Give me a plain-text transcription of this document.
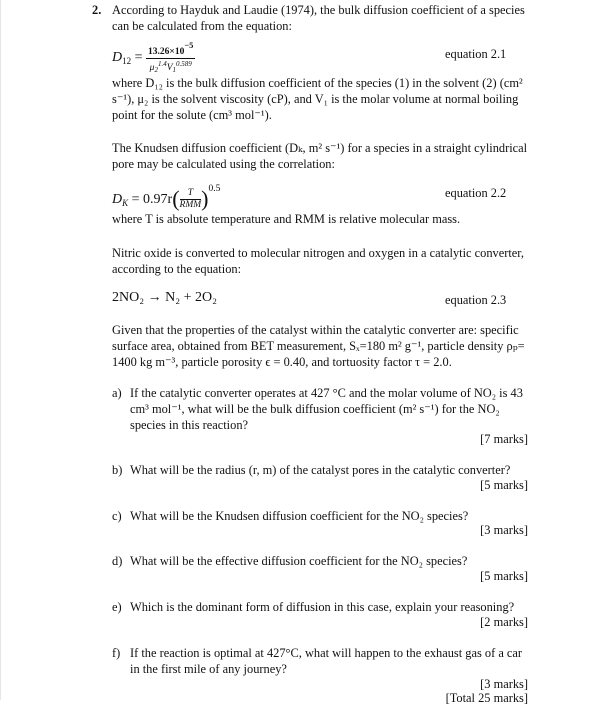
2. According to Hayduk and Laudie (1974), the bulk diffusion coefficient of a species can be calculated from the equation:
$D_{12} = \frac{13.26\times 10-5}{\mu_2^{1.4}V_1^{0.589}}$	equation 2.1
where D₁₂ is the bulk diffusion coefficient of the species (1) in the solvent (2) (cm² s⁻¹), μ₂ is the solvent viscosity (cP), and V₁ is the molar volume at normal boiling point for the solute (cm³ mol⁻¹).
The Knudsen diffusion coefficient (Dₖ, m² s⁻¹) for a species in a straight cylindrical pore may be calculated using the correlation:
$D_K = 0.97r( \frac{T}{\text{RMM}} )^{0.5}$	equation 2.2
where T is absolute temperature and RMM is relative molecular mass.
Nitric oxide is converted to molecular nitrogen and oxygen in a catalytic converter, according to the equation:
2NO₂ → N₂ + 2O₂	equation 2.3
Given that the properties of the catalyst within the catalytic converter are: specific surface area, obtained from BET measurement, Sₓ=180 m² g⁻¹, particle density ρₚ= 1400 kg m⁻³, particle porosity ϵ = 0.40, and tortuosity factor τ = 2.0.
a) If the catalytic converter operates at 427 °C and the molar volume of NO₂ is 43 cm³ mol⁻¹, what will be the bulk diffusion coefficient (m² s⁻¹) for the NO₂ species in this reaction?
[7 marks]
b) What will be the radius (r, m) of the catalyst pores in the catalytic converter?
[5 marks]
c) What will be the Knudsen diffusion coefficient for the NO₂ species?
[3 marks]
d) What will be the effective diffusion coefficient for the NO₂ species?
[5 marks]
e) Which is the dominant form of diffusion in this case, explain your reasoning?
[2 marks]
f) If the reaction is optimal at 427°C, what will happen to the exhaust gas of a car in the first mile of any journey?
[3 marks]
[Total 25 marks]
